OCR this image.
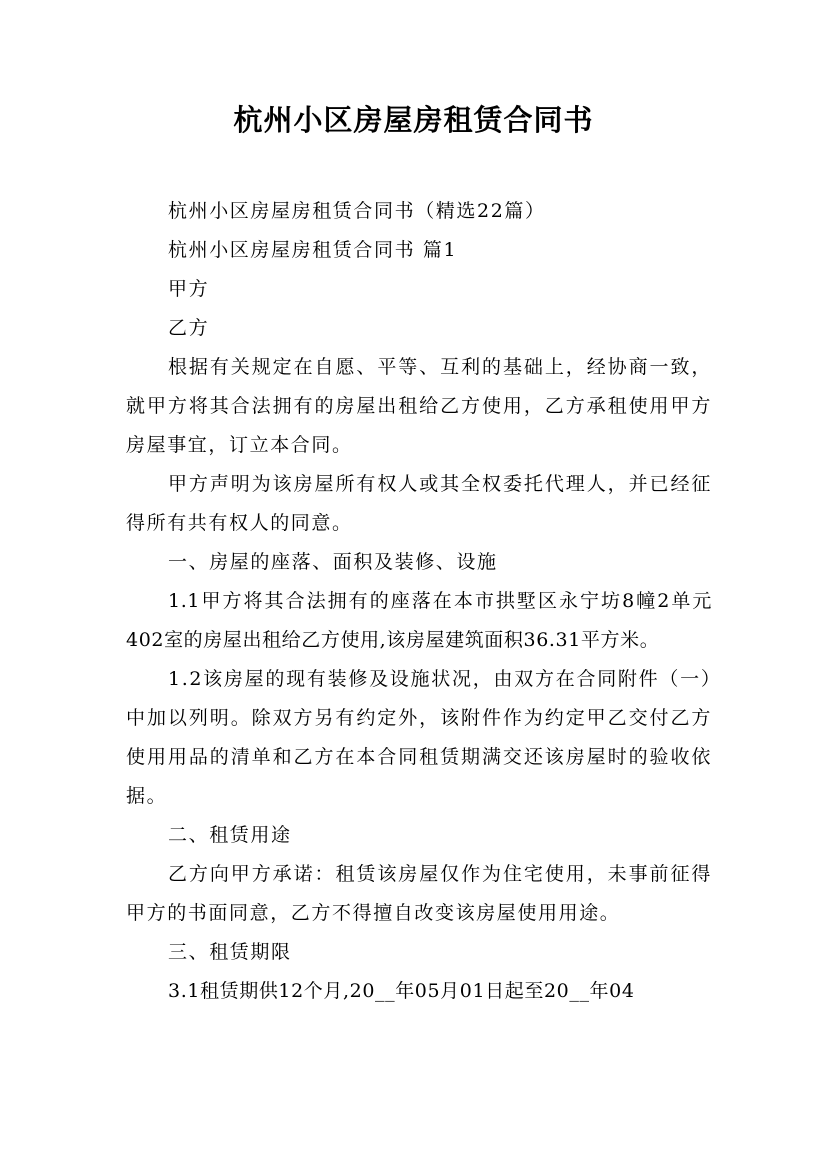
杭州小区房屋房租赁合同书

杭州小区房屋房租赁合同书（精选22篇）

杭州小区房屋房租赁合同书 篇1

甲方

乙方

根据有关规定在自愿、平等、互利的基础上，经协商一致，就甲方将其合法拥有的房屋出租给乙方使用，乙方承租使用甲方房屋事宜，订立本合同。

甲方声明为该房屋所有权人或其全权委托代理人，并已经征得所有共有权人的同意。

一、房屋的座落、面积及装修、设施

1.1甲方将其合法拥有的座落在本市拱墅区永宁坊8幢2单元402室的房屋出租给乙方使用,该房屋建筑面积36.31平方米。

1.2该房屋的现有装修及设施状况，由双方在合同附件（一）中加以列明。除双方另有约定外，该附件作为约定甲乙交付乙方使用用品的清单和乙方在本合同租赁期满交还该房屋时的验收依据。

二、租赁用途

乙方向甲方承诺：租赁该房屋仅作为住宅使用，未事前征得甲方的书面同意，乙方不得擅自改变该房屋使用用途。

三、租赁期限

3.1租赁期供12个月,20__年05月01日起至20__年04
